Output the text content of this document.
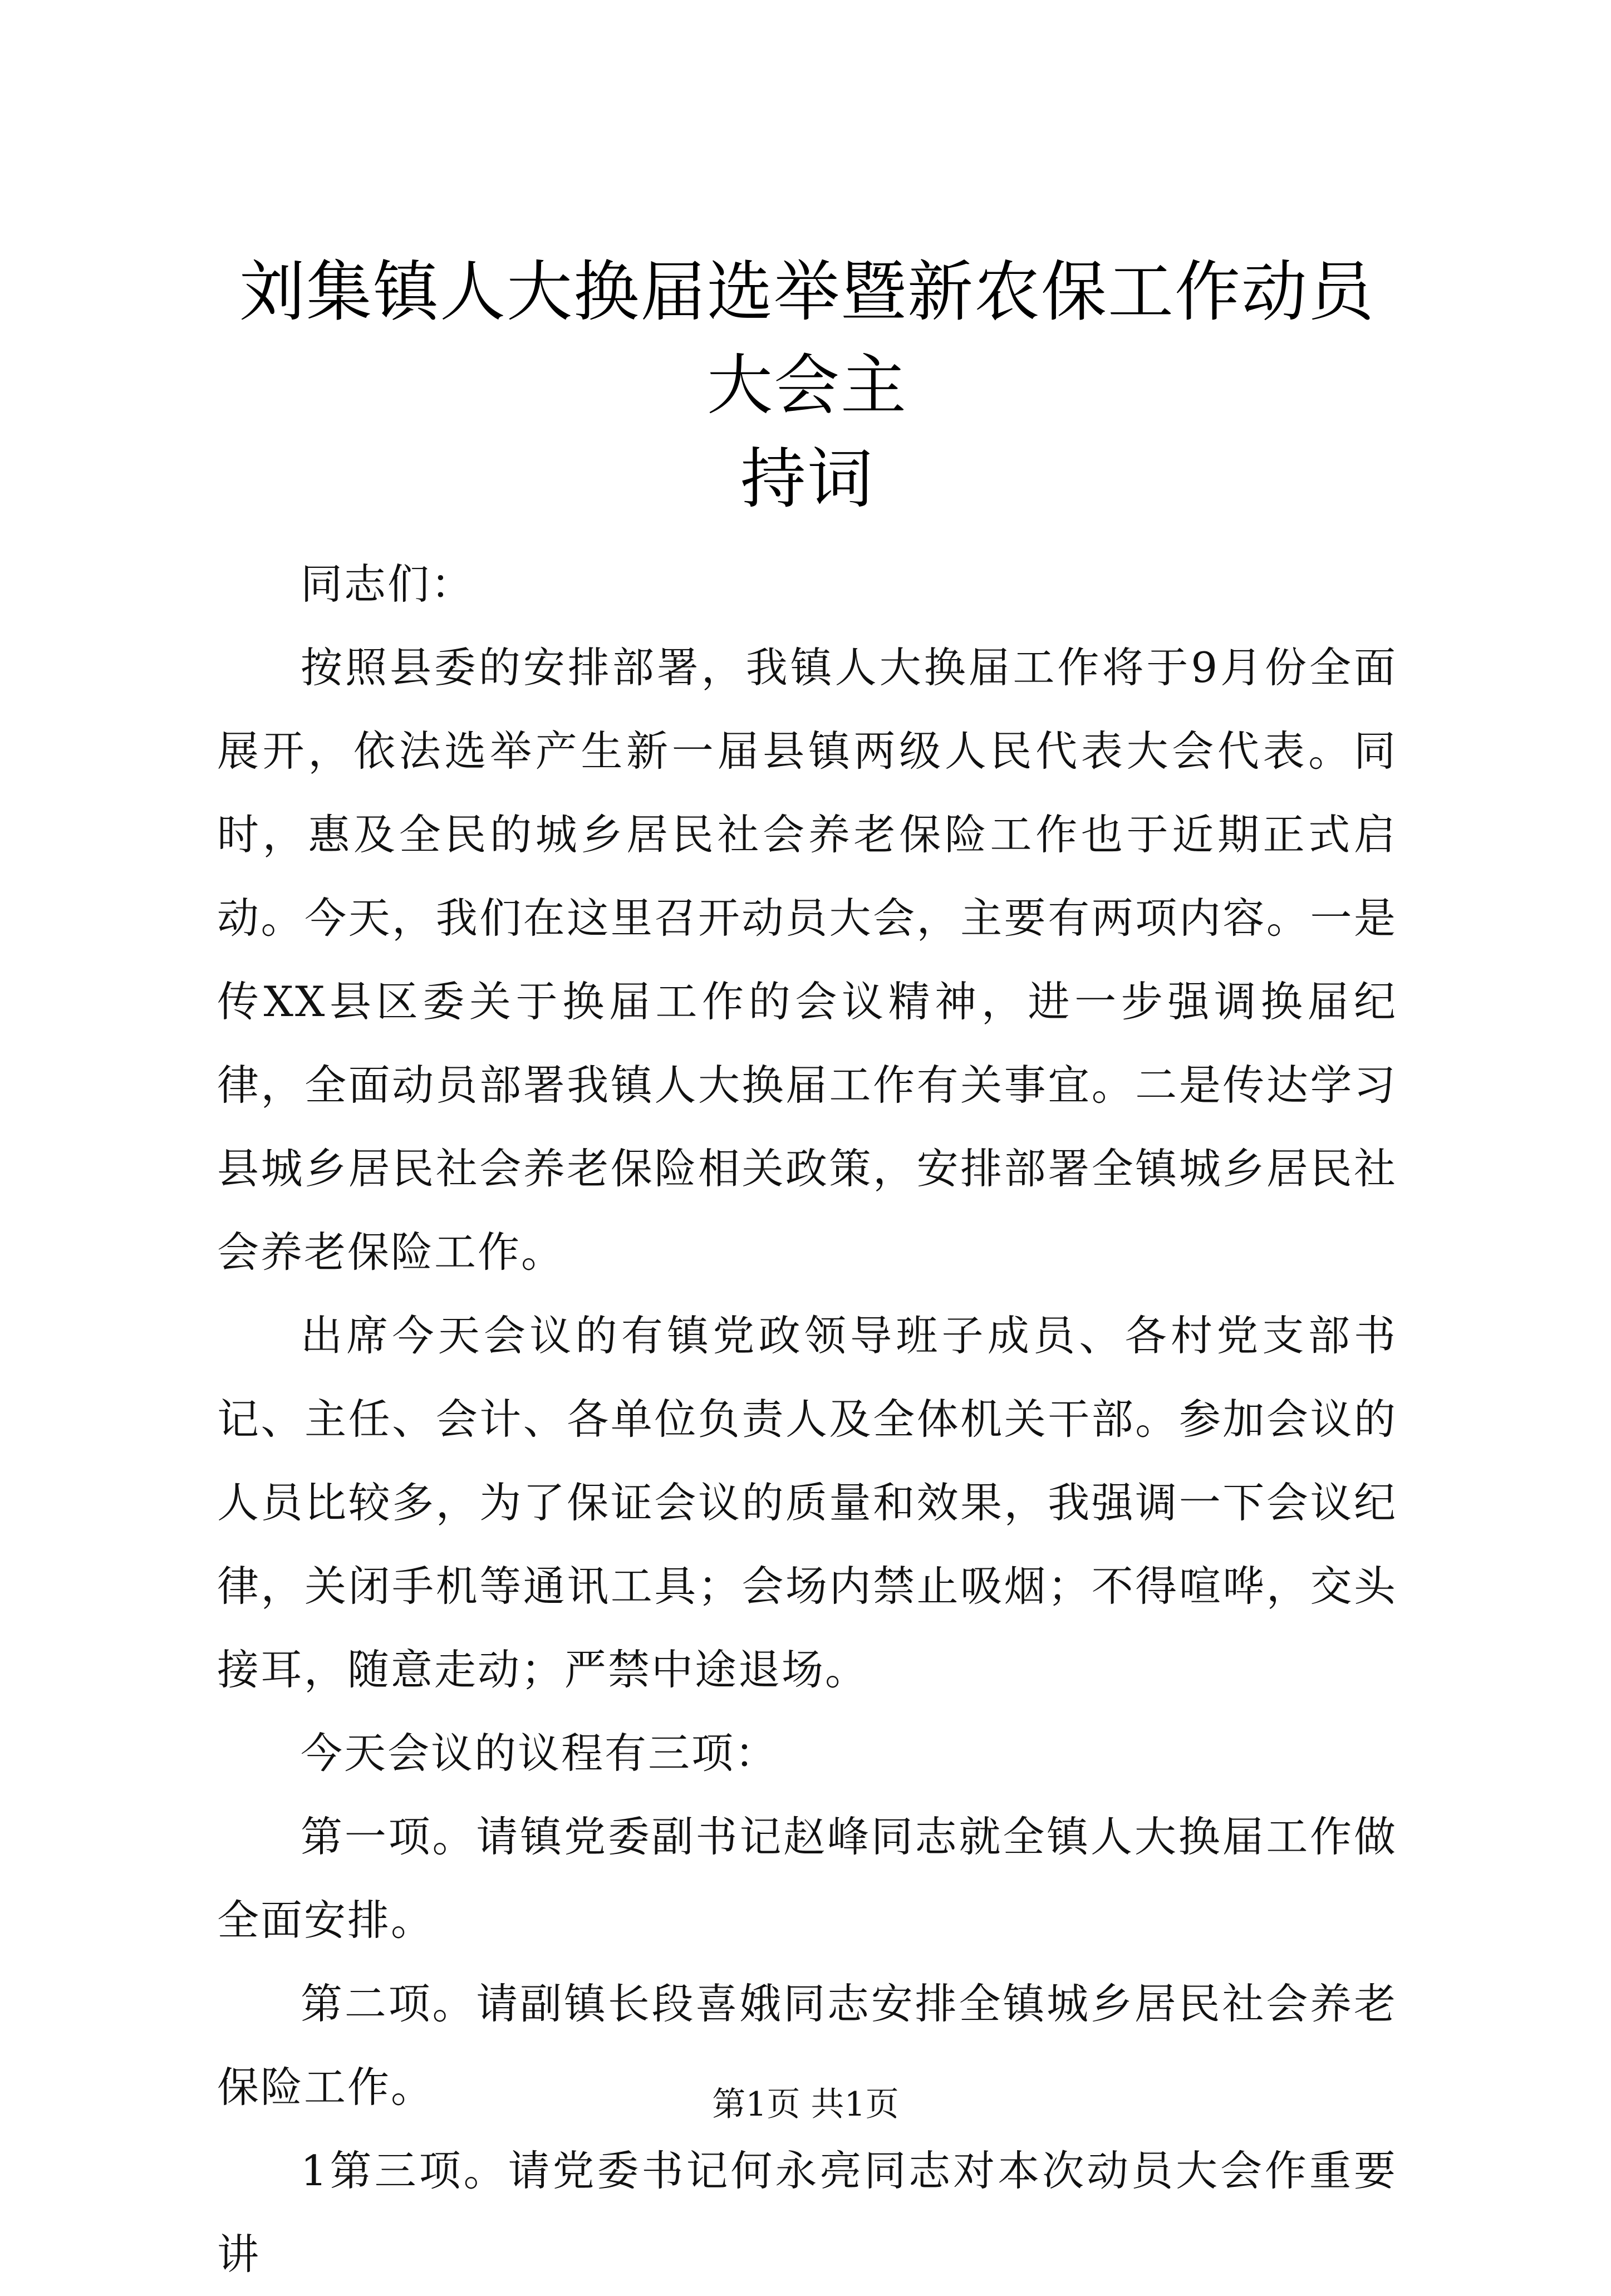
刘集镇人大换届选举暨新农保工作动员大会主
持词

同志们：

按照县委的安排部署，我镇人大换届工作将于9月份全面展开，依法选举产生新一届县镇两级人民代表大会代表。同时，惠及全民的城乡居民社会养老保险工作也于近期正式启动。今天，我们在这里召开动员大会，主要有两项内容。一是传XX县区委关于换届工作的会议精神，进一步强调换届纪律，全面动员部署我镇人大换届工作有关事宜。二是传达学习县城乡居民社会养老保险相关政策，安排部署全镇城乡居民社会养老保险工作。

出席今天会议的有镇党政领导班子成员、各村党支部书记、主任、会计、各单位负责人及全体机关干部。参加会议的人员比较多，为了保证会议的质量和效果，我强调一下会议纪律，关闭手机等通讯工具；会场内禁止吸烟；不得喧哗，交头接耳，随意走动；严禁中途退场。

今天会议的议程有三项：

第一项。请镇党委副书记赵峰同志就全镇人大换届工作做全面安排。

第二项。请副镇长段喜娥同志安排全镇城乡居民社会养老保险工作。

1第三项。请党委书记何永亮同志对本次动员大会作重要讲

第1页 共1页
